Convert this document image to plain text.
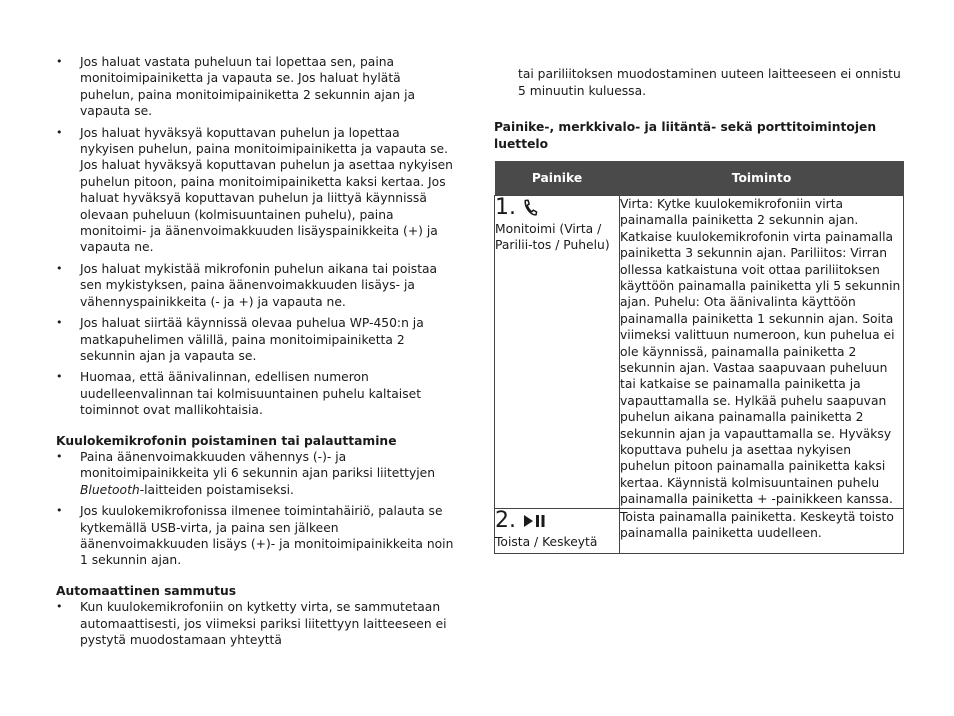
• Jos haluat vastata puheluun tai lopettaa sen, paina monitoimipainiketta ja vapauta se. Jos haluat hylätä puhelun, paina monitoimipainiketta 2 sekunnin ajan ja vapauta se.
• Jos haluat hyväksyä koputtavan puhelun ja lopettaa nykyisen puhelun, paina monitoimipainiketta ja vapauta se. Jos haluat hyväksyä koputtavan puhelun ja asettaa nykyisen puhelun pitoon, paina monitoimipainiketta kaksi kertaa. Jos haluat hyväksyä koputtavan puhelun ja liittyä käynnissä olevaan puheluun (kolmisuuntainen puhelu), paina monitoimi- ja äänenvoimakkuuden lisäyspainikkeita (+) ja vapauta ne.
• Jos haluat mykistää mikrofonin puhelun aikana tai poistaa sen mykistyksen, paina äänenvoimakkuuden lisäys- ja vähennyspainikkeita (- ja +) ja vapauta ne.
• Jos haluat siirtää käynnissä olevaa puhelua WP-450:n ja matkapuhelimen välillä, paina monitoimipainiketta 2 sekunnin ajan ja vapauta se.
• Huomaa, että äänivalinnan, edellisen numeron uudelleenvalinnan tai kolmisuuntainen puhelu kaltaiset toiminnot ovat mallikohtaisia.

Kuulokemikrofonin poistaminen tai palauttamine

• Paina äänenvoimakkuuden vähennys (-)- ja monitoimipainikkeita yli 6 sekunnin ajan pariksi liitettyjen Bluetooth-laitteiden poistamiseksi.
• Jos kuulokemikrofonissa ilmenee toimintahäiriö, palauta se kytkemällä USB-virta, ja paina sen jälkeen äänenvoimakkuuden lisäys (+)- ja monitoimipainikkeita noin 1 sekunnin ajan.

Automaattinen sammutus

• Kun kuulokemikrofoniin on kytketty virta, se sammutetaan automaattisesti, jos viimeksi pariksi liitettyyn laitteeseen ei pystytä muodostamaan yhteyttä

tai pariliitoksen muodostaminen uuteen laitteeseen ei onnistu 5 minuutin kuluessa.

Painike-, merkkivalo- ja liitäntä- sekä porttitoimintojen luettelo

Painike	Toiminto

1.
Monitoimi (Virta / Parilii-tos / Puhelu)	Virta: Kytke kuulokemikrofoniin virta painamalla painiketta 2 sekunnin ajan. Katkaise kuulokemikrofonin virta painamalla painiketta 3 sekunnin ajan. Pariliitos: Virran ollessa katkaistuna voit ottaa pariliitoksen käyttöön painamalla painiketta yli 5 sekunnin ajan. Puhelu: Ota äänivalinta käyttöön painamalla painiketta 1 sekunnin ajan. Soita viimeksi valittuun numeroon, kun puhelua ei ole käynnissä, painamalla painiketta 2 sekunnin ajan. Vastaa saapuvaan puheluun tai katkaise se painamalla painiketta ja vapauttamalla se. Hylkää puhelu saapuvan puhelun aikana painamalla painiketta 2 sekunnin ajan ja vapauttamalla se. Hyväksy koputtava puhelu ja asettaa nykyisen puhelun pitoon painamalla painiketta kaksi kertaa. Käynnistä kolmisuuntainen puhelu painamalla painiketta + -painikkeen kanssa.

2.
Toista / Keskeytä	Toista painamalla painiketta. Keskeytä toisto painamalla painiketta uudelleen.
